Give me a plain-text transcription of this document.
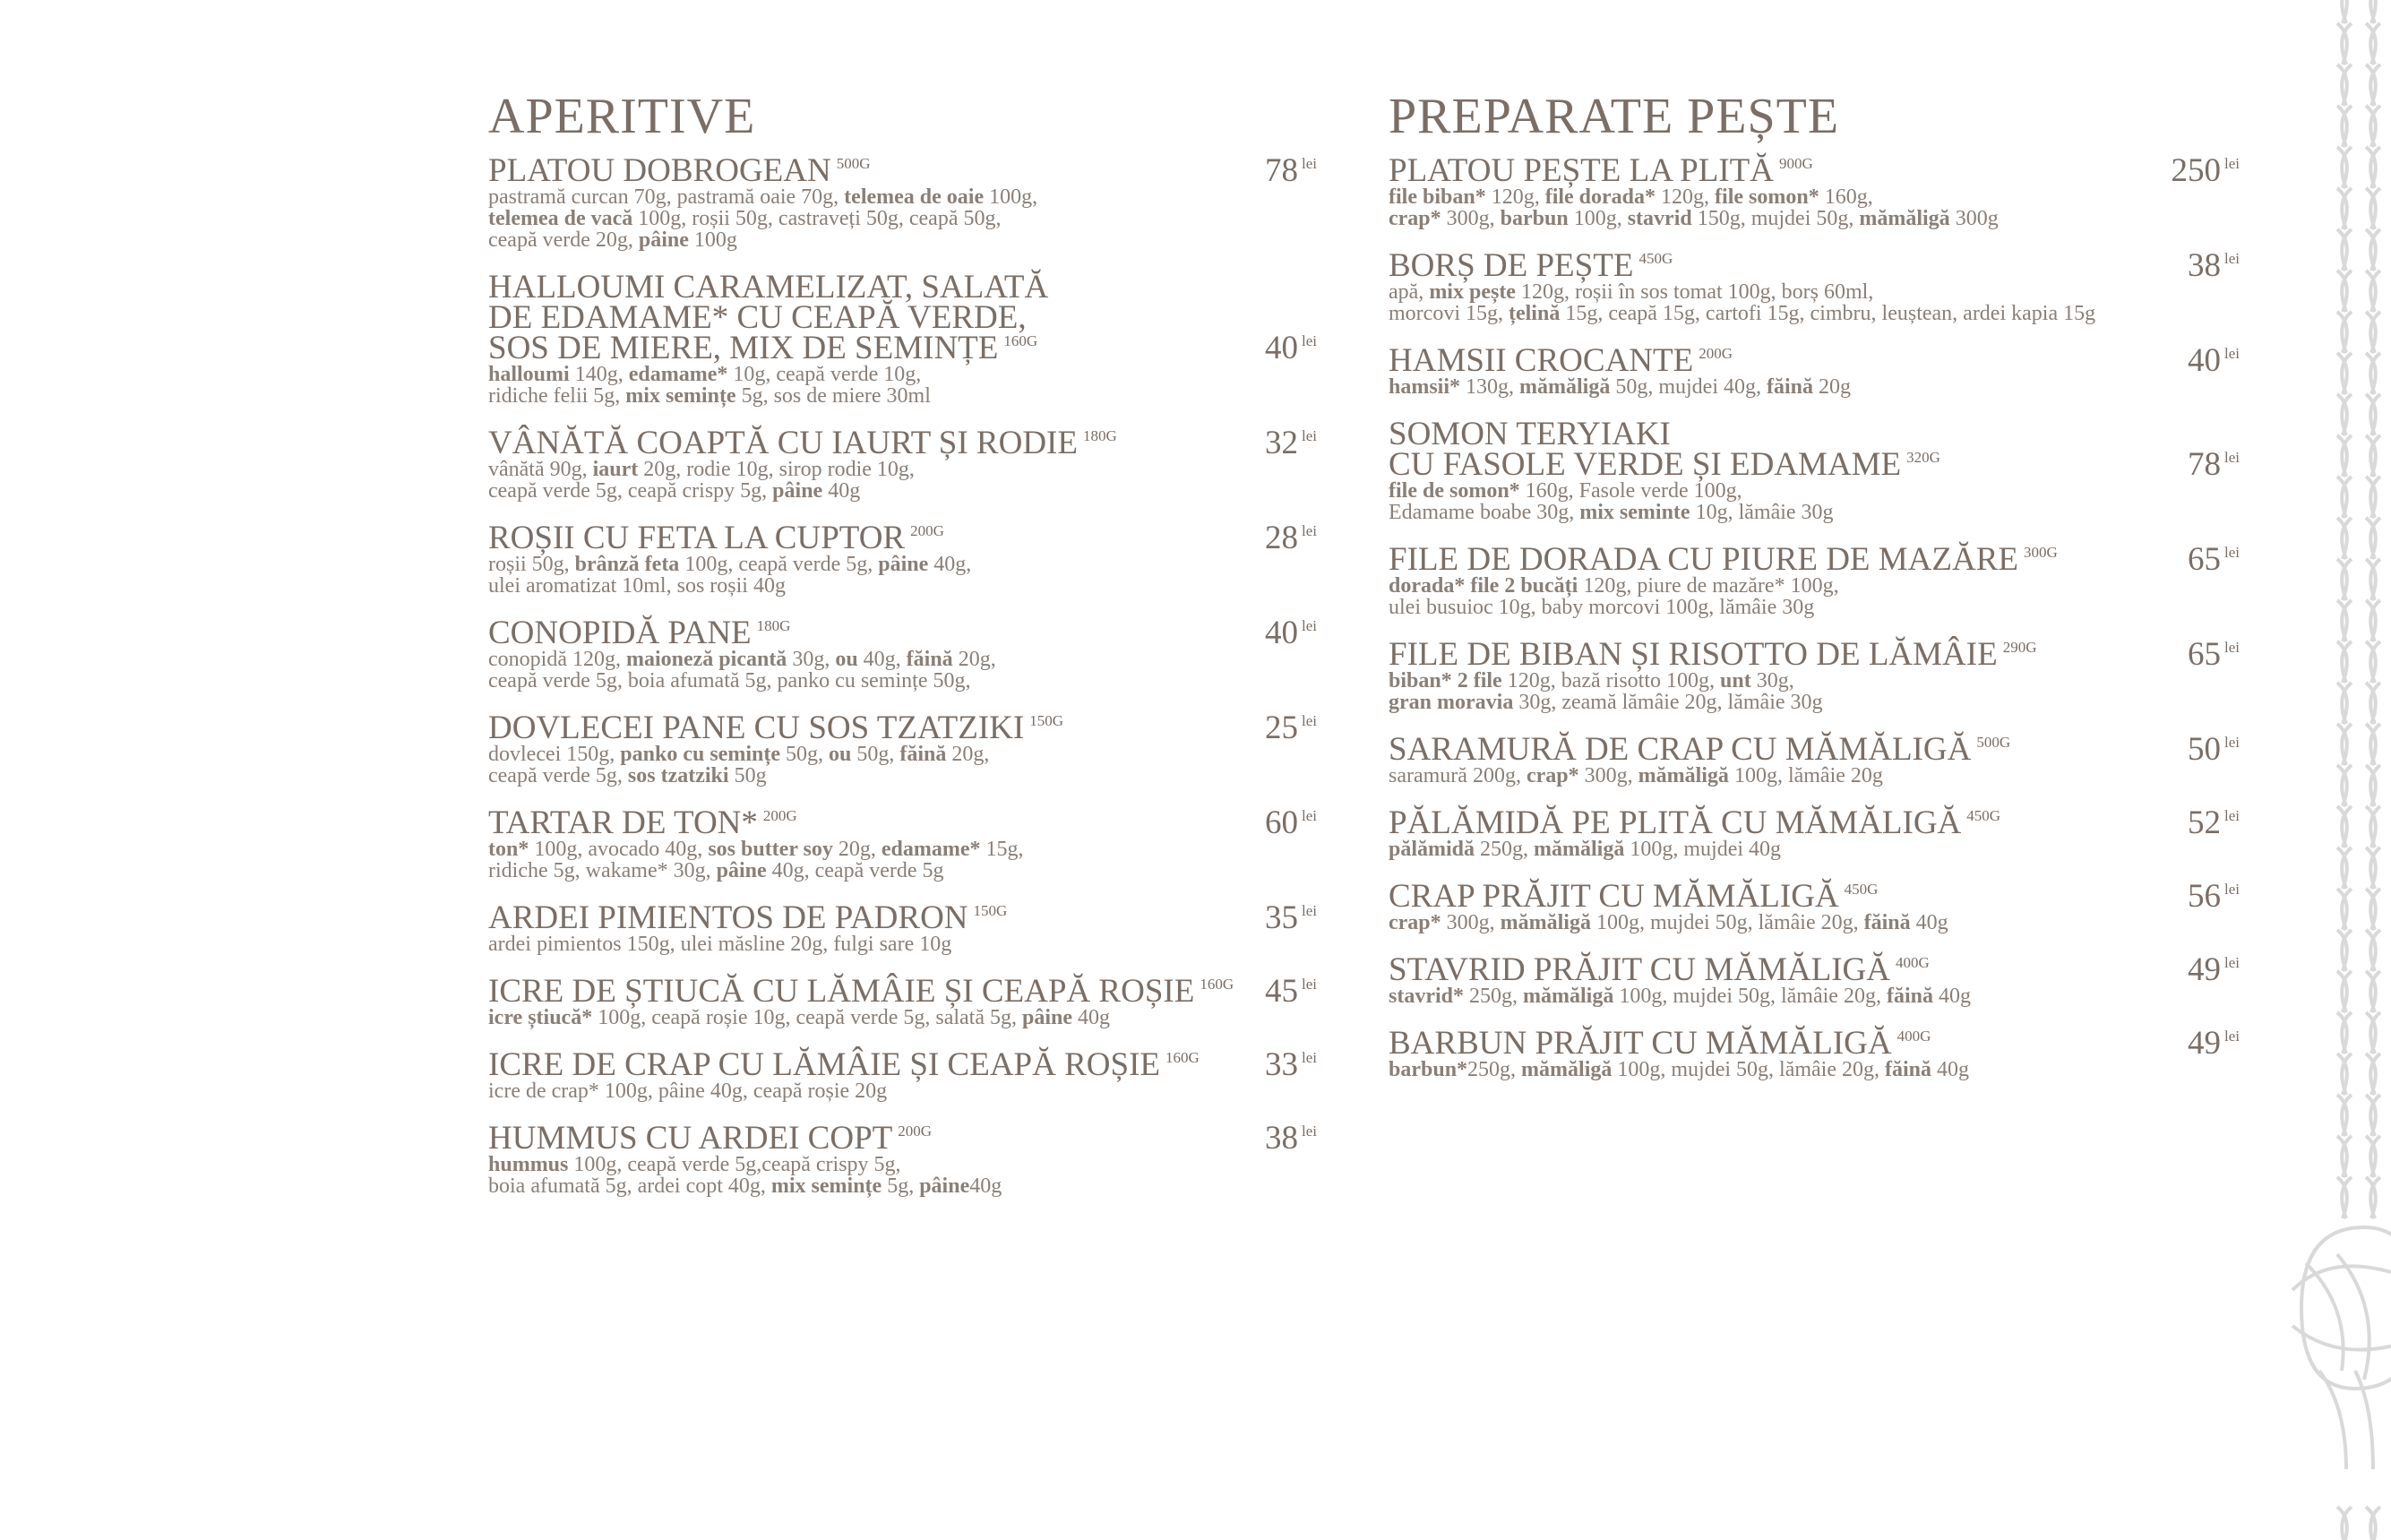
APERITIVE
PLATOU DOBROGEAN $^{500G}$
pastramă curcan 70g, pastramă oaie 70g, telemea de oaie 100g,
telemea de vacă 100g, roșii 50g, castraveți 50g, ceapă 50g,
ceapă verde 20g, pâine 100g
78 $^{lei}$
HALLOUMI CARAMELIZAT, SALATĂ
DE EDAMAME* CU CEAPĂ VERDE,
SOS DE MIERE, MIX DE SEMINȚE $^{160G}$
halloumi 140g, edamame* 10g, ceapă verde 10g,
ridiche felii 5g, mix semințe 5g, sos de miere 30ml
40 $^{lei}$
VÂNĂTĂ COAPTĂ CU IAURT ȘI RODIE $^{180G}$
vânătă 90g, iaurt 20g, rodie 10g, sirop rodie 10g,
ceapă verde 5g, ceapă crispy 5g, pâine 40g
32 $^{lei}$
ROȘII CU FETA LA CUPTOR $^{200G}$
roșii 50g, brânză feta 100g, ceapă verde 5g, pâine 40g,
ulei aromatizat 10ml, sos roșii 40g
28 $^{lei}$
CONOPIDĂ PANE $^{180G}$
conopidă 120g, maioneză picantă 30g, ou 40g, făină 20g,
ceapă verde 5g, boia afumată 5g, panko cu semințe 50g,
40 $^{lei}$
DOVLECEI PANE CU SOS TZATZIKI $^{150G}$
dovlecei 150g, panko cu semințe 50g, ou 50g, făină 20g,
ceapă verde 5g, sos tzatziki 50g
25 $^{lei}$
TARTAR DE TON* $^{200G}$
ton* 100g, avocado 40g, sos butter soy 20g, edamame* 15g,
ridiche 5g, wakame* 30g, pâine 40g, ceapă verde 5g
60 $^{lei}$
ARDEI PIMIENTOS DE PADRON $^{150G}$
ardei pimientos 150g, ulei măsline 20g, fulgi sare 10g
35 $^{lei}$
ICRE DE ȘTIUCĂ CU LĂMÂIE ȘI CEAPĂ ROȘIE $^{160G}$
icre știucă* 100g, ceapă roșie 10g, ceapă verde 5g, salată 5g, pâine 40g
45 $^{lei}$
ICRE DE CRAP CU LĂMÂIE ȘI CEAPĂ ROȘIE $^{160G}$
icre de crap* 100g, pâine 40g, ceapă roșie 20g
33 $^{lei}$
HUMMUS CU ARDEI COPT $^{200G}$
hummus 100g, ceapă verde 5g,ceapă crispy 5g,
boia afumată 5g, ardei copt 40g, mix semințe 5g, pâine40g
38 $^{lei}$
PREPARATE PEȘTE
PLATOU PEȘTE LA PLITĂ $^{900G}$
file biban* 120g, file dorada* 120g, file somon* 160g,
crap* 300g, barbun 100g, stavrid 150g, mujdei 50g, mămăligă 300g
250 $^{lei}$
BORȘ DE PEȘTE $^{450G}$
apă, mix pește 120g, roșii în sos tomat 100g, borș 60ml,
morcovi 15g, țelină 15g, ceapă 15g, cartofi 15g, cimbru, leuștean, ardei kapia 15g
38 $^{lei}$
HAMSII CROCANTE $^{200G}$
hamsii* 130g, mămăligă 50g, mujdei 40g, făină 20g
40 $^{lei}$
SOMON TERYIAKI
CU FASOLE VERDE ȘI EDAMAME $^{320G}$
file de somon* 160g, Fasole verde 100g,
Edamame boabe 30g, mix seminte 10g, lămâie 30g
78 $^{lei}$
FILE DE DORADA CU PIURE DE MAZĂRE $^{300G}$
dorada* file 2 bucăți 120g, piure de mazăre* 100g,
ulei busuioc 10g, baby morcovi 100g, lămâie 30g
65 $^{lei}$
FILE DE BIBAN ȘI RISOTTO DE LĂMÂIE $^{290G}$
biban* 2 file 120g, bază risotto 100g, unt 30g,
gran moravia 30g, zeamă lămâie 20g, lămâie 30g
65 $^{lei}$
SARAMURĂ DE CRAP CU MĂMĂLIGĂ $^{500G}$
saramură 200g, crap* 300g, mămăligă 100g, lămâie 20g
50 $^{lei}$
PĂLĂMIDĂ PE PLITĂ CU MĂMĂLIGĂ $^{450G}$
pălămidă 250g, mămăligă 100g, mujdei 40g
52 $^{lei}$
CRAP PRĂJIT CU MĂMĂLIGĂ $^{450G}$
crap* 300g, mămăligă 100g, mujdei 50g, lămâie 20g, făină 40g
56 $^{lei}$
STAVRID PRĂJIT CU MĂMĂLIGĂ $^{400G}$
stavrid* 250g, mămăligă 100g, mujdei 50g, lămâie 20g, făină 40g
49 $^{lei}$
BARBUN PRĂJIT CU MĂMĂLIGĂ $^{400G}$
barbun*250g, mămăligă 100g, mujdei 50g, lămâie 20g, făină 40g
49 $^{lei}$
